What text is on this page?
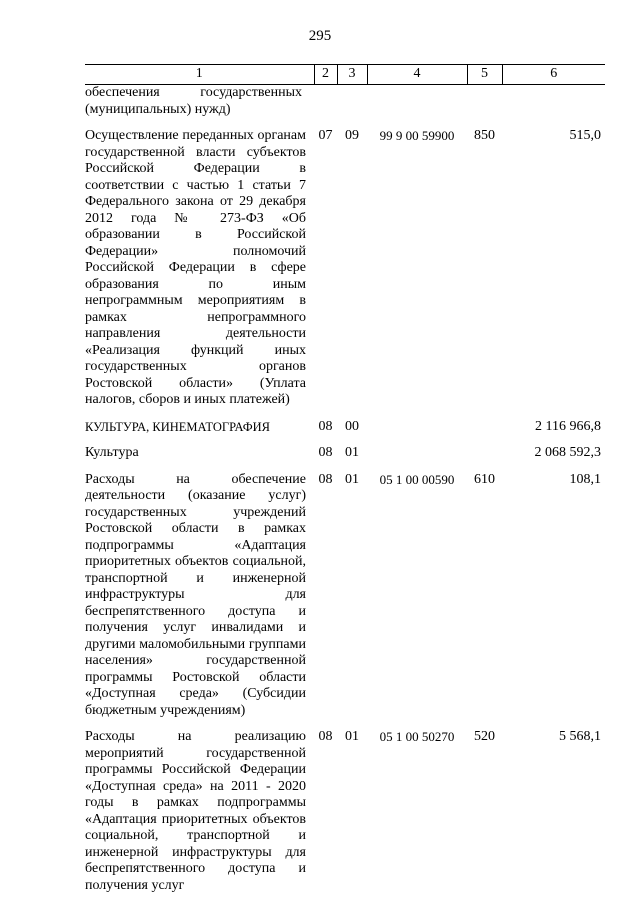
295
1	2	3	4	5	6
обеспечения государственных (муниципальных) нужд)					
Осуществление переданных органам государственной власти субъектов Российской Федерации в соответствии с частью 1 статьи 7 Федерального закона от 29 декабря 2012 года № 273-ФЗ «Об образовании в Российской Федерации» полномочий Российской Федерации в сфере образования по иным непрограммным мероприятиям в рамках непрограммного направления деятельности «Реализация функций иных государственных органов Ростовской области» (Уплата налогов, сборов и иных платежей)	07	09	99 9 00 59900	850	515,0
КУЛЬТУРА, КИНЕМАТОГРАФИЯ	08	00			2 116 966,8
Культура	08	01			2 068 592,3
Расходы на обеспечение деятельности (оказание услуг) государственных учреждений Ростовской области в рамках подпрограммы «Адаптация приоритетных объектов социальной, транспортной и инженерной инфраструктуры для беспрепятственного доступа и получения услуг инвалидами и другими маломобильными группами населения» государственной программы Ростовской области «Доступная среда» (Субсидии бюджетным учреждениям)	08	01	05 1 00 00590	610	108,1
Расходы на реализацию мероприятий государственной программы Российской Федерации «Доступная среда» на 2011 - 2020 годы в рамках подпрограммы «Адаптация приоритетных объектов социальной, транспортной и инженерной инфраструктуры для беспрепятственного доступа и получения услуг	08	01	05 1 00 50270	520	5 568,1
